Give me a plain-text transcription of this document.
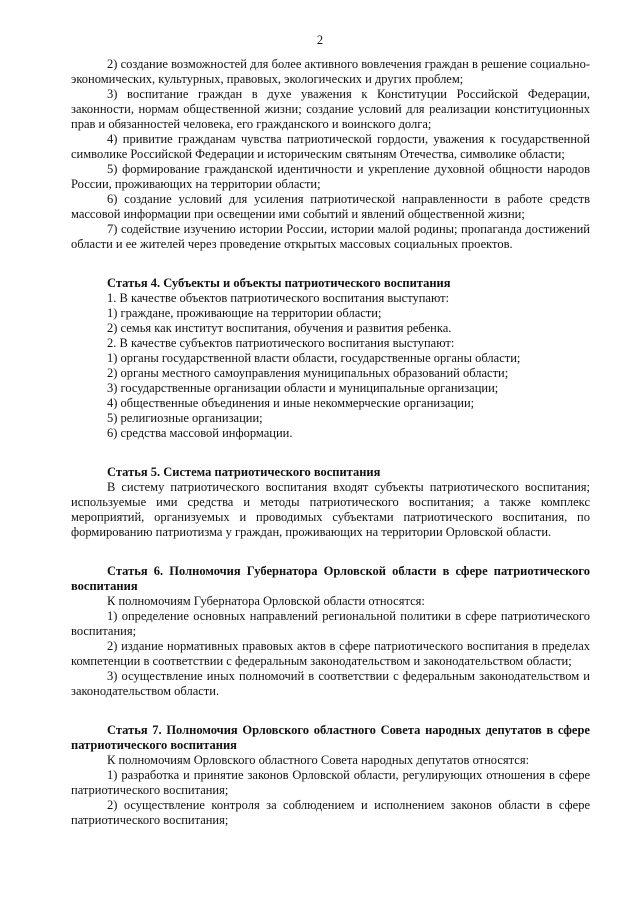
2

2) создание возможностей для более активного вовлечения граждан в решение социально-экономических, культурных, правовых, экологических и других проблем;

3) воспитание граждан в духе уважения к Конституции Российской Федерации, законности, нормам общественной жизни; создание условий для реализации конституционных прав и обязанностей человека, его гражданского и воинского долга;

4) привитие гражданам чувства патриотической гордости, уважения к государственной символике Российской Федерации и историческим святыням Отечества, символике области;

5) формирование гражданской идентичности и укрепление духовной общности народов России, проживающих на территории области;

6) создание условий для усиления патриотической направленности в работе средств массовой информации при освещении ими событий и явлений общественной жизни;

7) содействие изучению истории России, истории малой родины; пропаганда достижений области и ее жителей через проведение открытых массовых социальных проектов.

Статья 4. Субъекты и объекты патриотического воспитания

1. В качестве объектов патриотического воспитания выступают:

1) граждане, проживающие на территории области;

2) семья как институт воспитания, обучения и развития ребенка.

2. В качестве субъектов патриотического воспитания выступают:

1) органы государственной власти области, государственные органы области;

2) органы местного самоуправления муниципальных образований области;

3) государственные организации области и муниципальные организации;

4) общественные объединения и иные некоммерческие организации;

5) религиозные организации;

6) средства массовой информации.

Статья 5. Система патриотического воспитания

В систему патриотического воспитания входят субъекты патриотического воспитания; используемые ими средства и методы патриотического воспитания; а также комплекс мероприятий, организуемых и проводимых субъектами патриотического воспитания, по формированию патриотизма у граждан, проживающих на территории Орловской области.

Статья 6. Полномочия Губернатора Орловской области в сфере патриотического воспитания

К полномочиям Губернатора Орловской области относятся:

1) определение основных направлений региональной политики в сфере патриотического воспитания;

2) издание нормативных правовых актов в сфере патриотического воспитания в пределах компетенции в соответствии с федеральным законодательством и законодательством области;

3) осуществление иных полномочий в соответствии с федеральным законодательством и законодательством области.

Статья 7. Полномочия Орловского областного Совета народных депутатов в сфере патриотического воспитания

К полномочиям Орловского областного Совета народных депутатов относятся:

1) разработка и принятие законов Орловской области, регулирующих отношения в сфере патриотического воспитания;

2) осуществление контроля за соблюдением и исполнением законов области в сфере патриотического воспитания;
